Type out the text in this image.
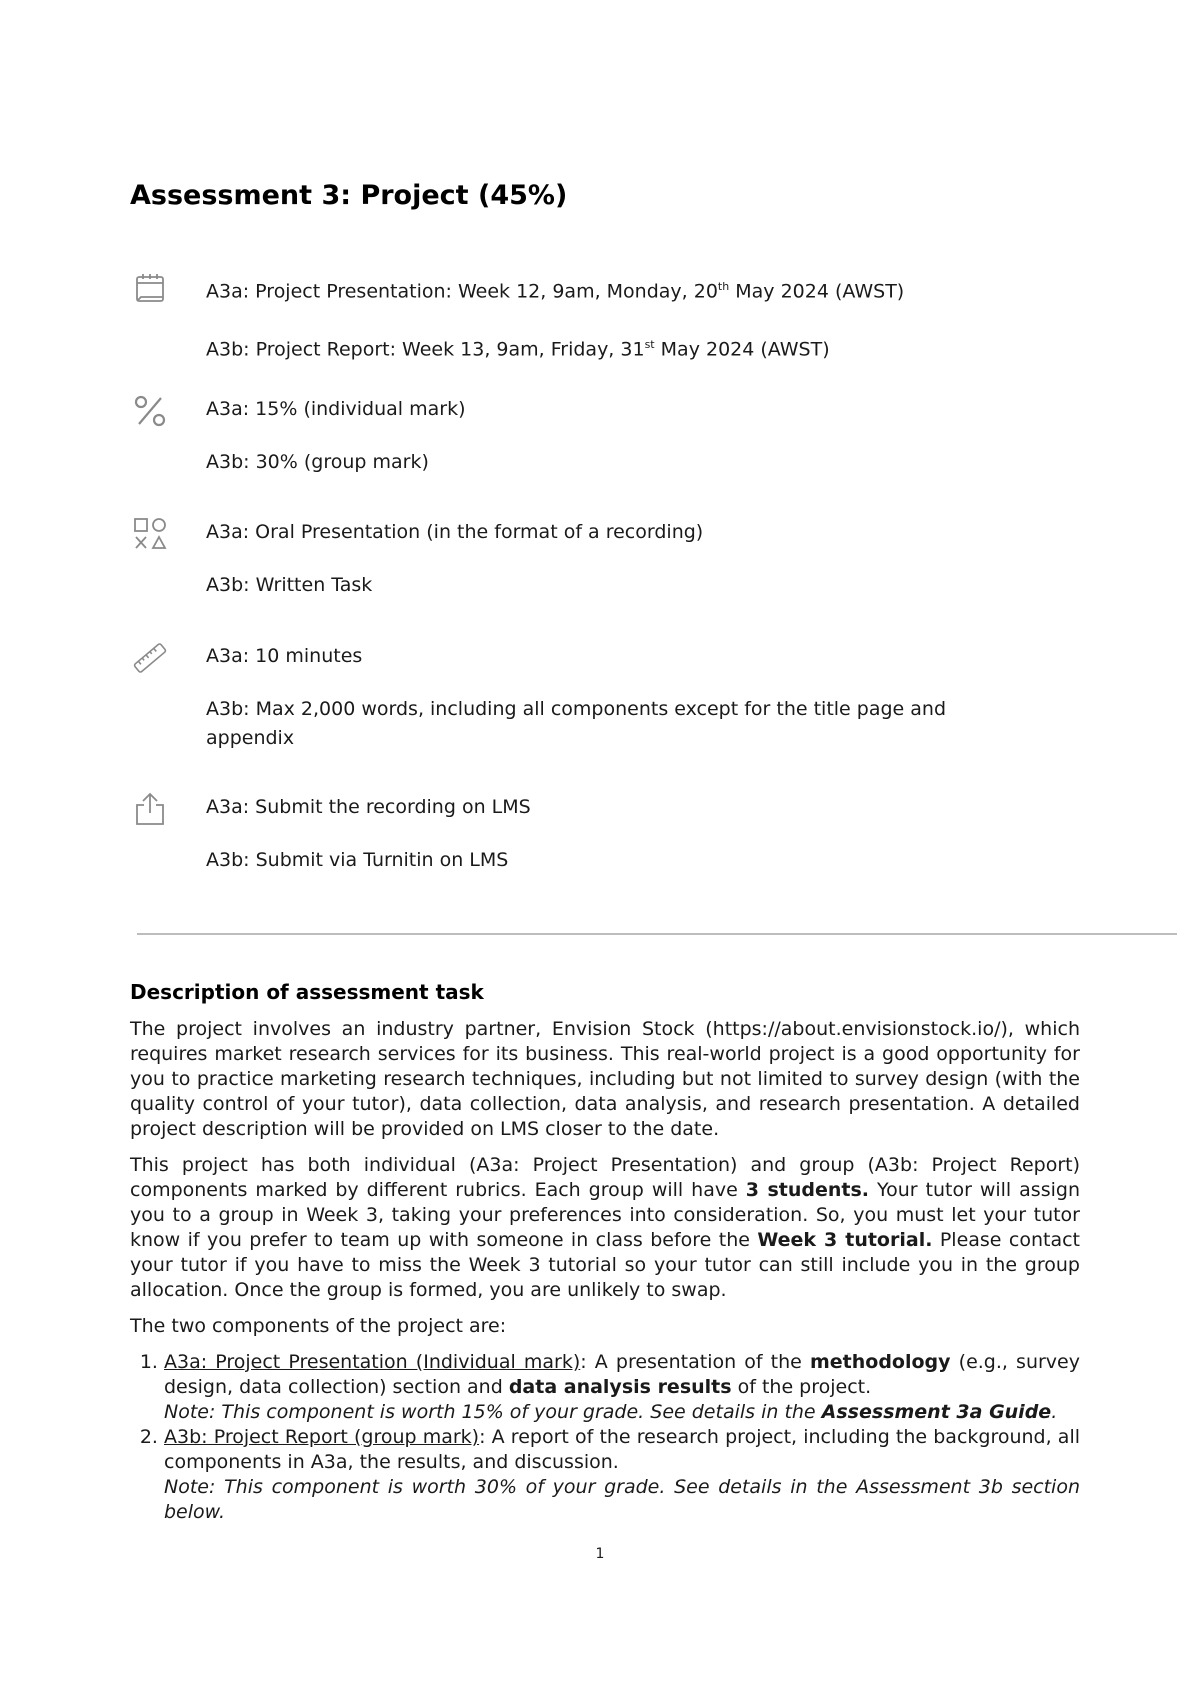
Assessment 3: Project (45%)

A3a: Project Presentation: Week 12, 9am, Monday, 20th May 2024 (AWST)

A3b: Project Report: Week 13, 9am, Friday, 31st May 2024 (AWST)

A3a: 15% (individual mark)

A3b: 30% (group mark)

A3a: Oral Presentation (in the format of a recording)

A3b: Written Task

A3a: 10 minutes

A3b: Max 2,000 words, including all components except for the title page and appendix

A3a: Submit the recording on LMS

A3b: Submit via Turnitin on LMS

Description of assessment task

The project involves an industry partner, Envision Stock (https://about.envisionstock.io/), which requires market research services for its business. This real-world project is a good opportunity for you to practice marketing research techniques, including but not limited to survey design (with the quality control of your tutor), data collection, data analysis, and research presentation. A detailed project description will be provided on LMS closer to the date.

This project has both individual (A3a: Project Presentation) and group (A3b: Project Report) components marked by different rubrics. Each group will have 3 students. Your tutor will assign you to a group in Week 3, taking your preferences into consideration. So, you must let your tutor know if you prefer to team up with someone in class before the Week 3 tutorial. Please contact your tutor if you have to miss the Week 3 tutorial so your tutor can still include you in the group allocation. Once the group is formed, you are unlikely to swap.

The two components of the project are:

1. A3a: Project Presentation (Individual mark): A presentation of the methodology (e.g., survey design, data collection) section and data analysis results of the project.
Note: This component is worth 15% of your grade. See details in the Assessment 3a Guide.
2. A3b: Project Report (group mark): A report of the research project, including the background, all components in A3a, the results, and discussion.
Note: This component is worth 30% of your grade. See details in the Assessment 3b section below.
1
